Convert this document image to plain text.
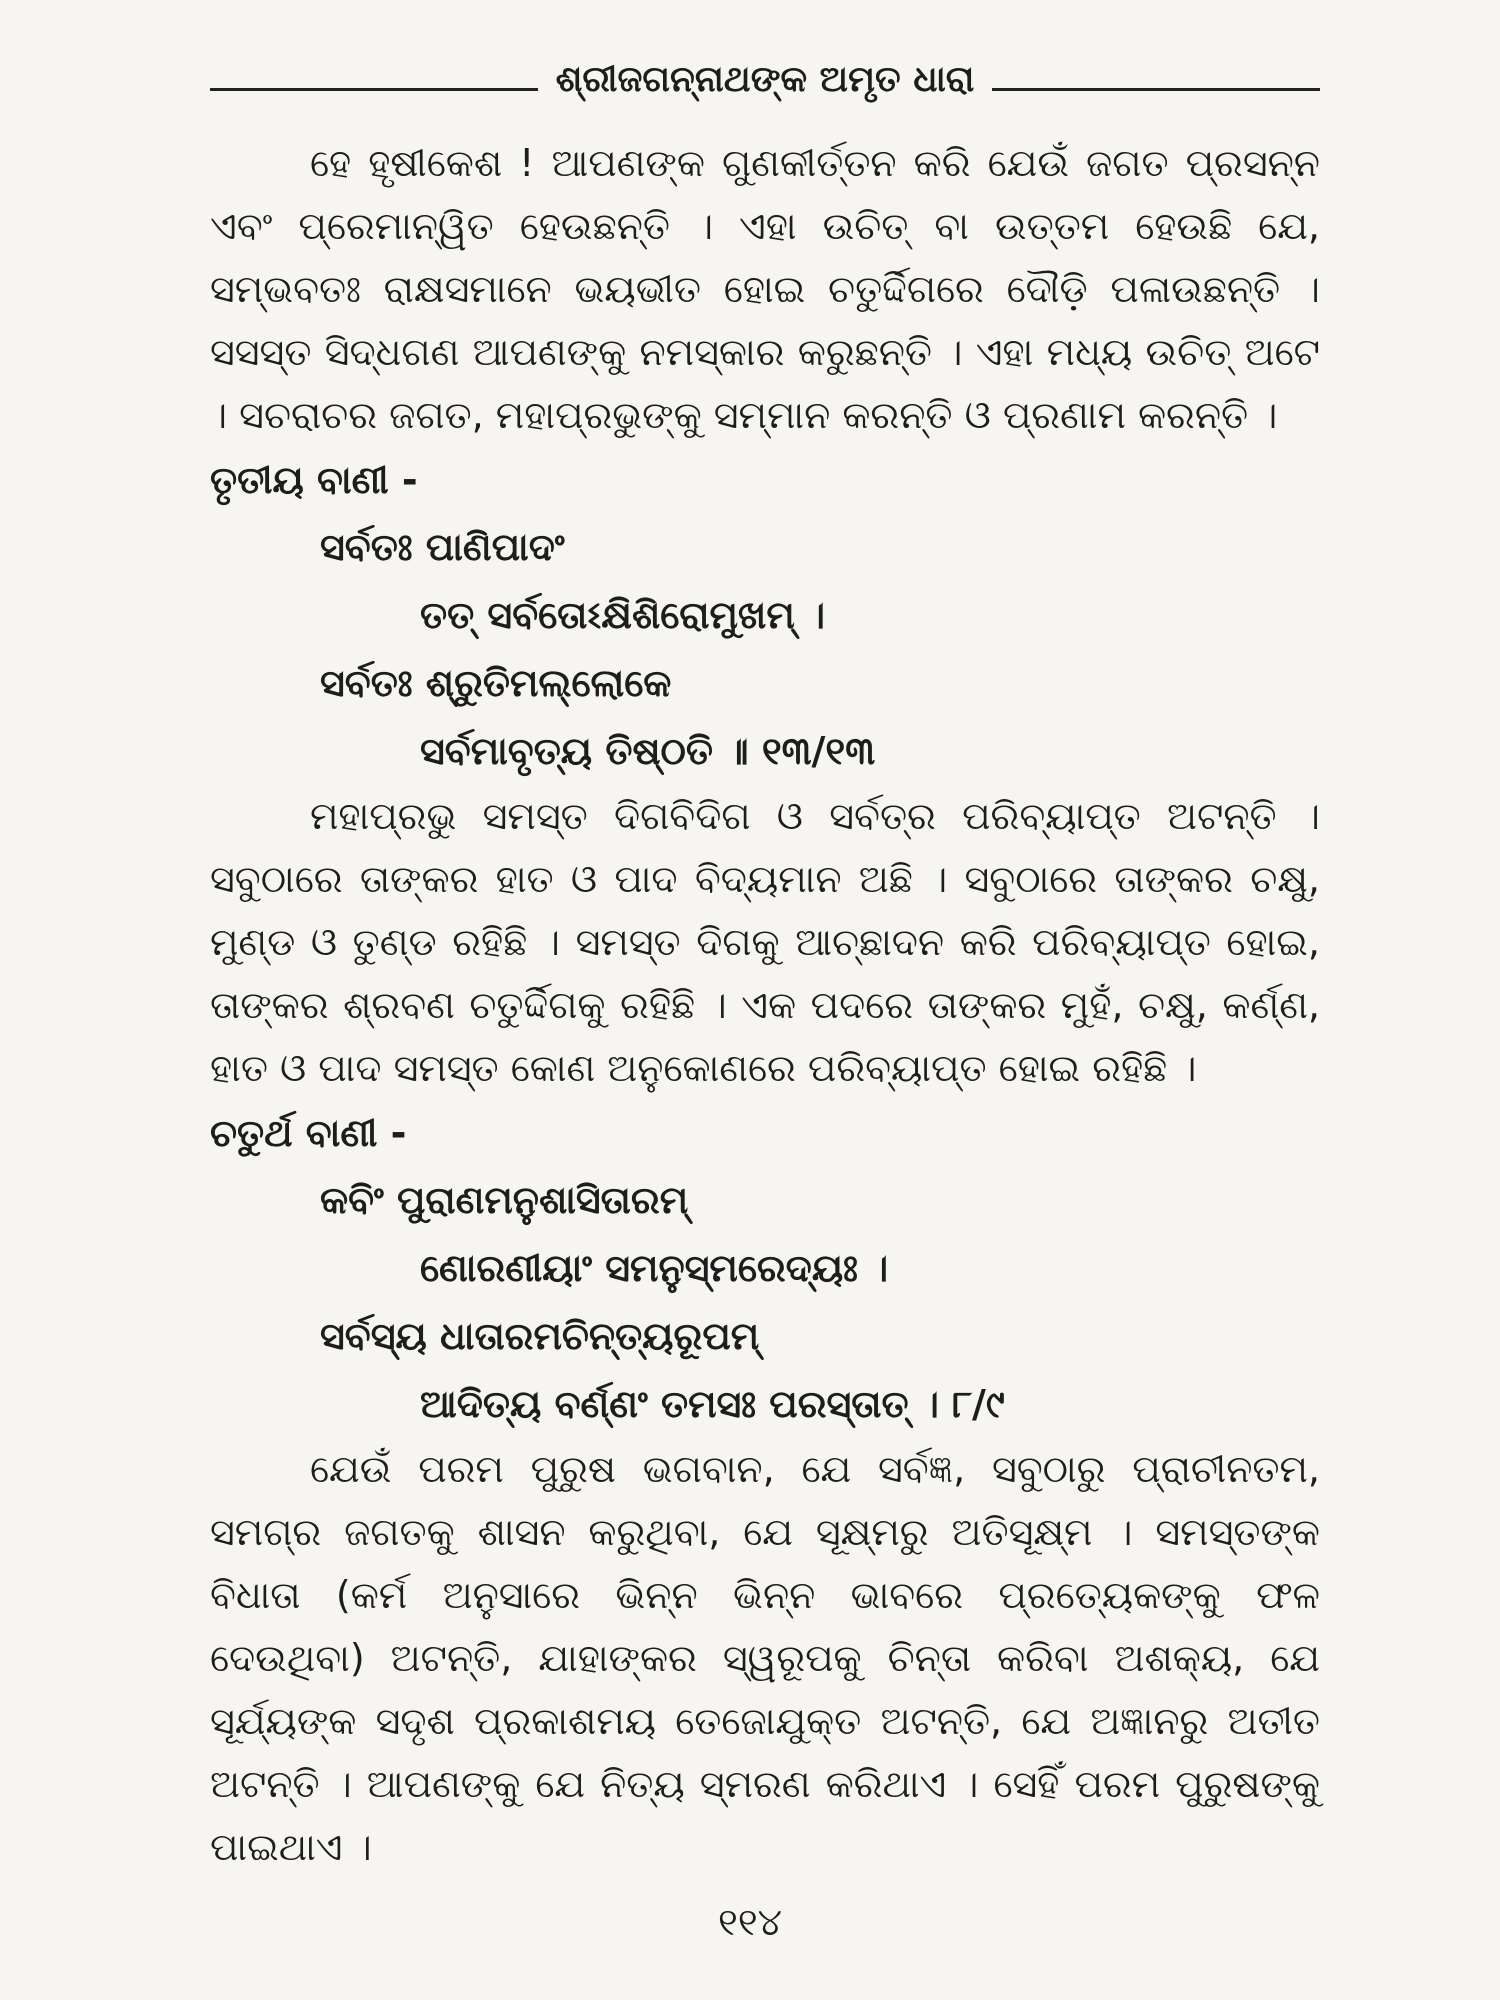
ଶ୍ରୀଜଗନ୍ନାଥଙ୍କ ଅମୃତ ଧାରା

ହେ ହୃଷୀକେଶ ! ଆପଣଙ୍କ ଗୁଣକୀର୍ତ୍ତନ କରି ଯେଉଁ ଜଗତ ପ୍ରସନ୍ନ ଏବଂ ପ୍ରେମାନ୍ୱିତ ହେଉଛନ୍ତି । ଏହା ଉଚିତ୍ ବା ଉତ୍ତମ ହେଉଛି ଯେ, ସମ୍ଭବତଃ ରାକ୍ଷସମାନେ ଭୟଭୀତ ହୋଇ ଚତୁର୍ଦ୍ଦିଗରେ ଦୌଡ଼ି ପଳାଉଛନ୍ତି । ସସସ୍ତ ସିଦ୍ଧଗଣ ଆପଣଙ୍କୁ ନମସ୍କାର କରୁଛନ୍ତି । ଏହା ମଧ୍ୟ ଉଚିତ୍ ଅଟେ । ସଚରାଚର ଜଗତ, ମହାପ୍ରଭୁଙ୍କୁ ସମ୍ମାନ କରନ୍ତି ଓ ପ୍ରଣାମ କରନ୍ତି ।

ତୃତୀୟ ବାଣୀ -
ସର୍ବତଃ ପାଣିପାଦଂ
ତତ୍ ସର୍ବତୋଽକ୍ଷିଶିରୋମୁଖମ୍ ।
ସର୍ବତଃ ଶ୍ରୁତିମଲ୍ଲୋକେ
ସର୍ବମାବୃତ୍ୟ ତିଷ୍ଠତି ॥ ୧୩/୧୩

ମହାପ୍ରଭୁ ସମସ୍ତ ଦିଗବିଦିଗ ଓ ସର୍ବତ୍ର ପରିବ୍ୟାପ୍ତ ଅଟନ୍ତି । ସବୁଠାରେ ତାଙ୍କର ହାତ ଓ ପାଦ ବିଦ୍ୟମାନ ଅଛି । ସବୁଠାରେ ତାଙ୍କର ଚକ୍ଷୁ, ମୁଣ୍ଡ ଓ ତୁଣ୍ଡ ରହିଛି । ସମସ୍ତ ଦିଗକୁ ଆଚ୍ଛାଦନ କରି ପରିବ୍ୟାପ୍ତ ହୋଇ, ତାଙ୍କର ଶ୍ରବଣ ଚତୁର୍ଦ୍ଦିଗକୁ ରହିଛି । ଏକ ପଦରେ ତାଙ୍କର ମୁହଁ, ଚକ୍ଷୁ, କର୍ଣ୍ଣ, ହାତ ଓ ପାଦ ସମସ୍ତ କୋଣ ଅନୁକୋଣରେ ପରିବ୍ୟାପ୍ତ ହୋଇ ରହିଛି ।

ଚତୁର୍ଥ ବାଣୀ -
କବିଂ ପୁରାଣମନୁଶାସିତାରମ୍
ଣୋରଣୀୟାଂ ସମନୁସ୍ମରେଦ୍ୟଃ ।
ସର୍ବସ୍ୟ ଧାତାରମଚିନ୍ତ୍ୟରୂପମ୍
ଆଦିତ୍ୟ ବର୍ଣ୍ଣଂ ତମସଃ ପରସ୍ତାତ୍ । ୮/୯

ଯେଉଁ ପରମ ପୁରୁଷ ଭଗବାନ, ଯେ ସର୍ବଜ୍ଞ, ସବୁଠାରୁ ପ୍ରାଚୀନତମ, ସମଗ୍ର ଜଗତକୁ ଶାସନ କରୁଥିବା, ଯେ ସୂକ୍ଷ୍ମରୁ ଅତିସୂକ୍ଷ୍ମ । ସମସ୍ତଙ୍କ ବିଧାତା (କର୍ମ ଅନୁସାରେ ଭିନ୍ନ ଭିନ୍ନ ଭାବରେ ପ୍ରତ୍ୟେକଙ୍କୁ ଫଳ ଦେଉଥିବା) ଅଟନ୍ତି, ଯାହାଙ୍କର ସ୍ୱରୂପକୁ ଚିନ୍ତା କରିବା ଅଶକ୍ୟ, ଯେ ସୂର୍ଯ୍ୟଙ୍କ ସଦୃଶ ପ୍ରକାଶମୟ ତେଜୋଯୁକ୍ତ ଅଟନ୍ତି, ଯେ ଅଜ୍ଞାନରୁ ଅତୀତ ଅଟନ୍ତି । ଆପଣଙ୍କୁ ଯେ ନିତ୍ୟ ସ୍ମରଣ କରିଥାଏ । ସେହିଁ ପରମ ପୁରୁଷଙ୍କୁ ପାଇଥାଏ ।

୧୧୪
